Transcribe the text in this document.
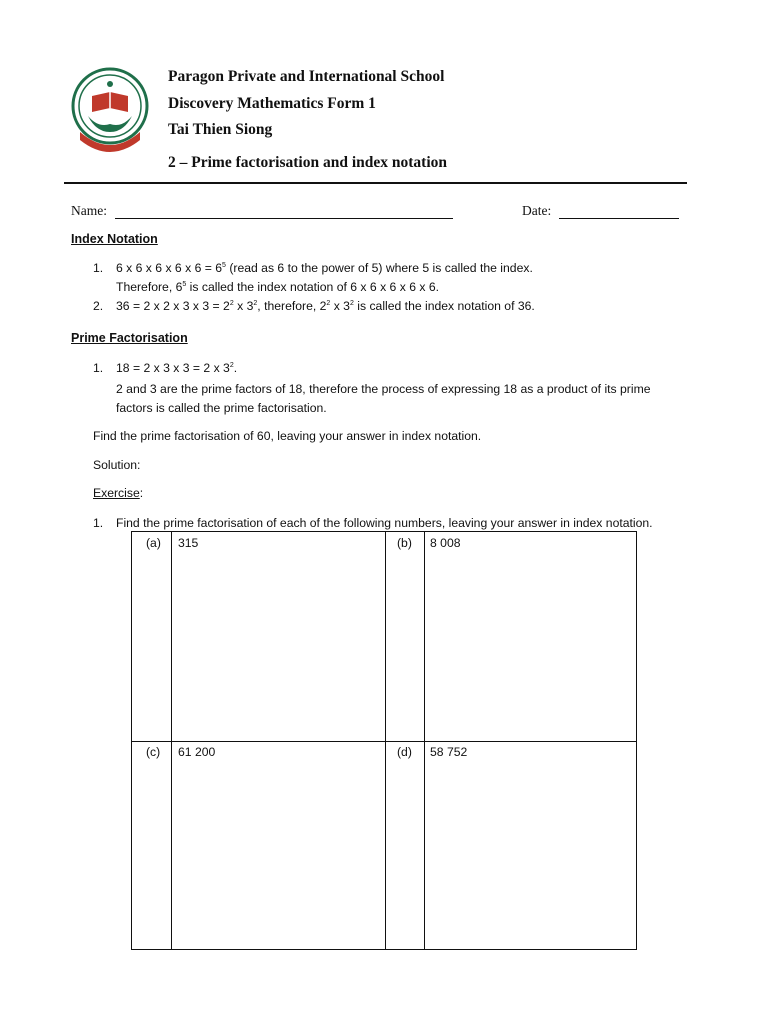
Paragon Private and International School
Discovery Mathematics Form 1
Tai Thien Siong
2 – Prime factorisation and index notation
Name:	Date:
Index Notation
1. 6 x 6 x 6 x 6 x $6 = 6^5$ (read as 6 to the power of 5) where 5 is called the index.
Therefore, $6^5$ is called the index notation of 6 x 6 x 6 x 6 x 6.
2. 36 = 2 x 2 x 3 x $3 = 2^2$ x $3^2$, therefore, $2^2$ x $3^2$ is called the index notation of 36.
Prime Factorisation
1. 18 = 2 x 3 x 3 = 2 x $3^2$.
2 and 3 are the prime factors of 18, therefore the process of expressing 18 as a product of its prime
factors is called the prime factorisation.
Find the prime factorisation of 60, leaving your answer in index notation.
Solution:
Exercise:
1. Find the prime factorisation of each of the following numbers, leaving your answer in index notation.
(a) 315	(b) 8 008
(c) 61 200	(d) 58 752
